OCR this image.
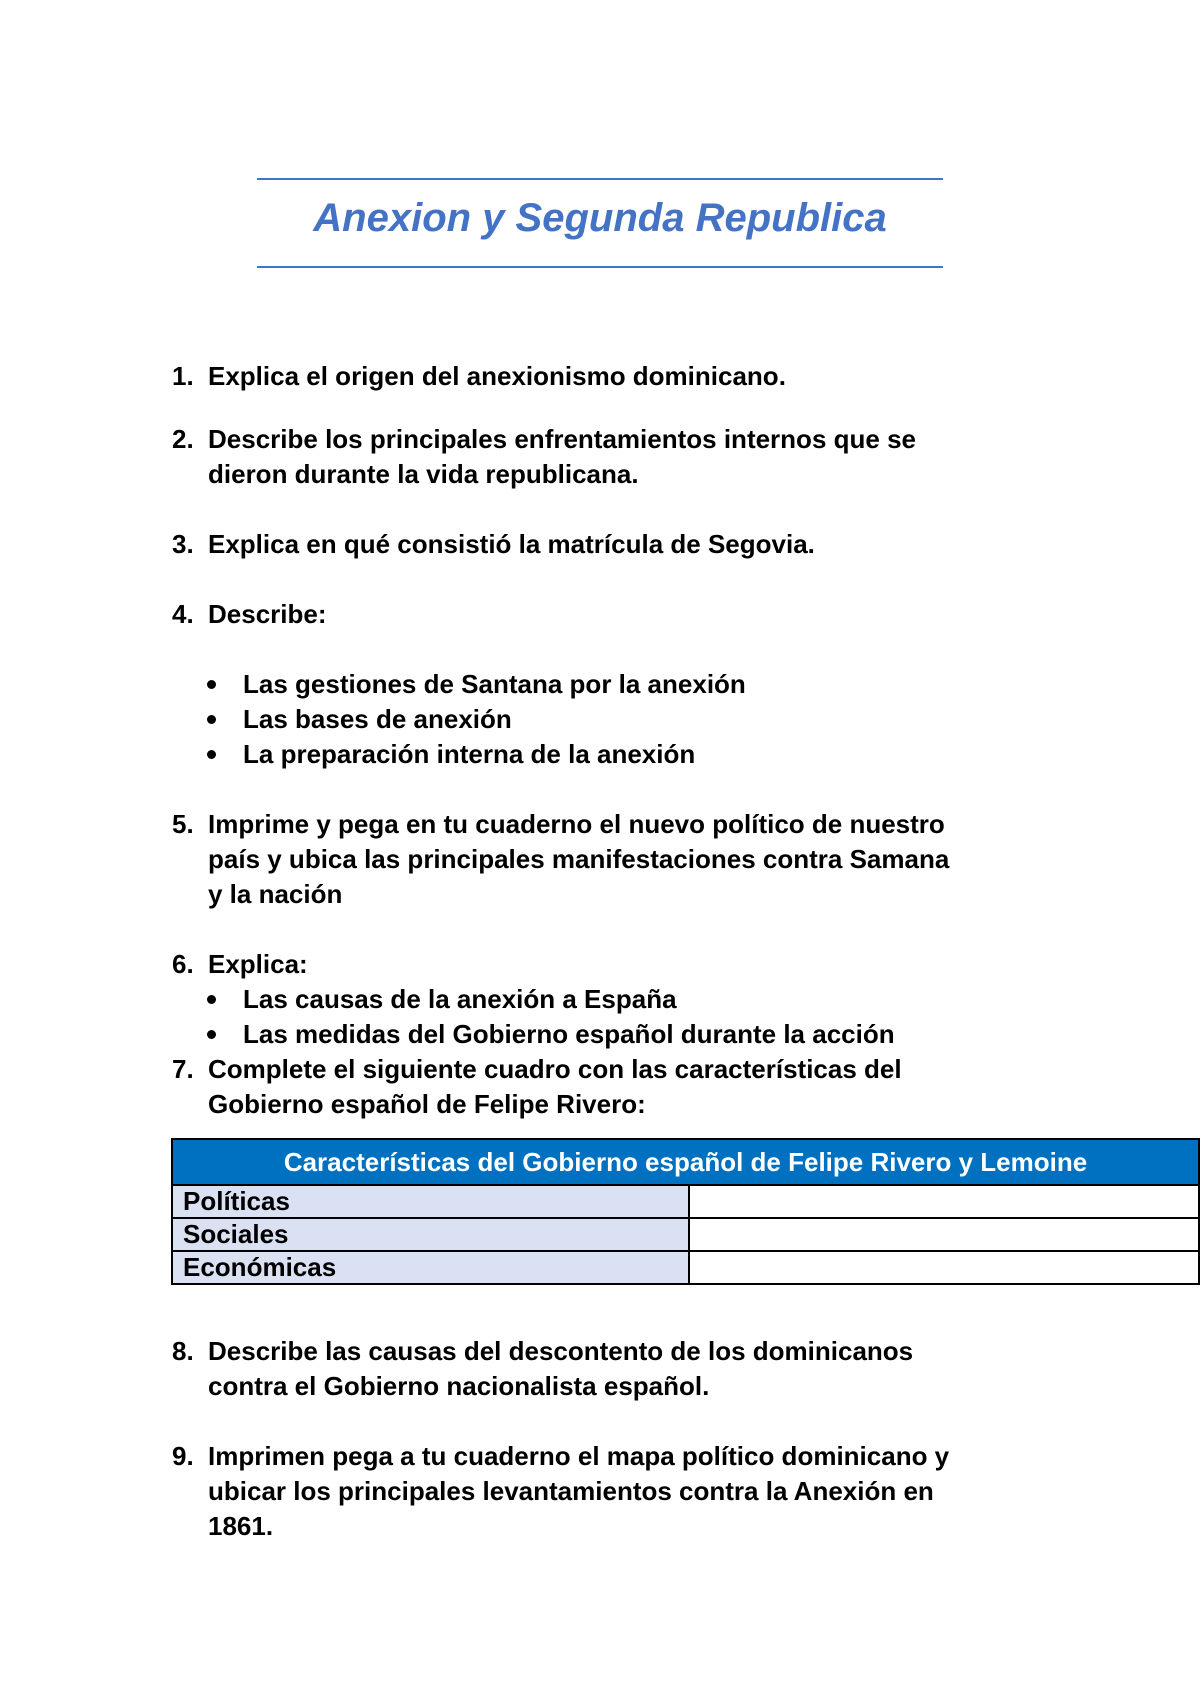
Anexion y Segunda Republica
1. Explica el origen del anexionismo dominicano.
2. Describe los principales enfrentamientos internos que se
dieron durante la vida republicana.
3. Explica en qué consistió la matrícula de Segovia.
4. Describe:
Las gestiones de Santana por la anexión
Las bases de anexión
La preparación interna de la anexión
5. Imprime y pega en tu cuaderno el nuevo político de nuestro
país y ubica las principales manifestaciones contra Samana
y la nación
6. Explica:
Las causas de la anexión a España
Las medidas del Gobierno español durante la acción
7. Complete el siguiente cuadro con las características del
Gobierno español de Felipe Rivero:
Características del Gobierno español de Felipe Rivero y Lemoine	
Políticas	
Sociales	
Económicas	
8. Describe las causas del descontento de los dominicanos
contra el Gobierno nacionalista español.
9. Imprimen pega a tu cuaderno el mapa político dominicano y
ubicar los principales levantamientos contra la Anexión en
1861.
